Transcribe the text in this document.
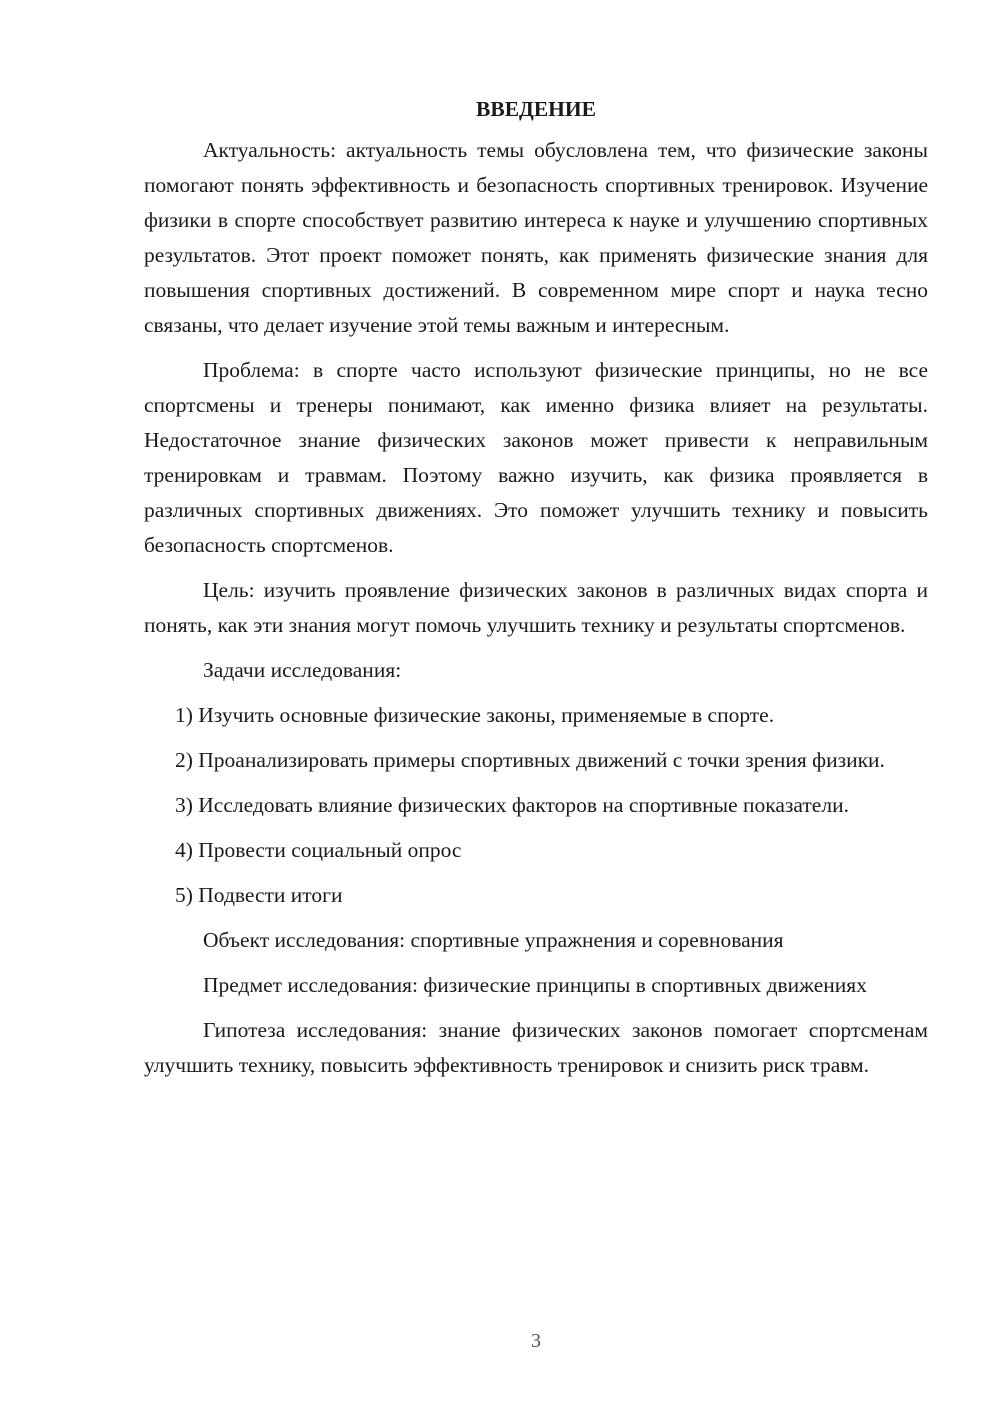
ВВЕДЕНИЕ

Актуальность: актуальность темы обусловлена тем, что физические законы помогают понять эффективность и безопасность спортивных тренировок. Изучение физики в спорте способствует развитию интереса к науке и улучшению спортивных результатов. Этот проект поможет понять, как применять физические знания для повышения спортивных достижений. В современном мире спорт и наука тесно связаны, что делает изучение этой темы важным и интересным.

Проблема: в спорте часто используют физические принципы, но не все спортсмены и тренеры понимают, как именно физика влияет на результаты. Недостаточное знание физических законов может привести к неправильным тренировкам и травмам. Поэтому важно изучить, как физика проявляется в различных спортивных движениях. Это поможет улучшить технику и повысить безопасность спортсменов.

Цель: изучить проявление физических законов в различных видах спорта и понять, как эти знания могут помочь улучшить технику и результаты спортсменов.

Задачи исследования:

1) Изучить основные физические законы, применяемые в спорте.

2) Проанализировать примеры спортивных движений с точки зрения физики.

3) Исследовать влияние физических факторов на спортивные показатели.

4) Провести социальный опрос

5) Подвести итоги

Объект исследования: спортивные упражнения и соревнования

Предмет исследования: физические принципы в спортивных движениях

Гипотеза исследования: знание физических законов помогает спортсменам улучшить технику, повысить эффективность тренировок и снизить риск травм.

3
